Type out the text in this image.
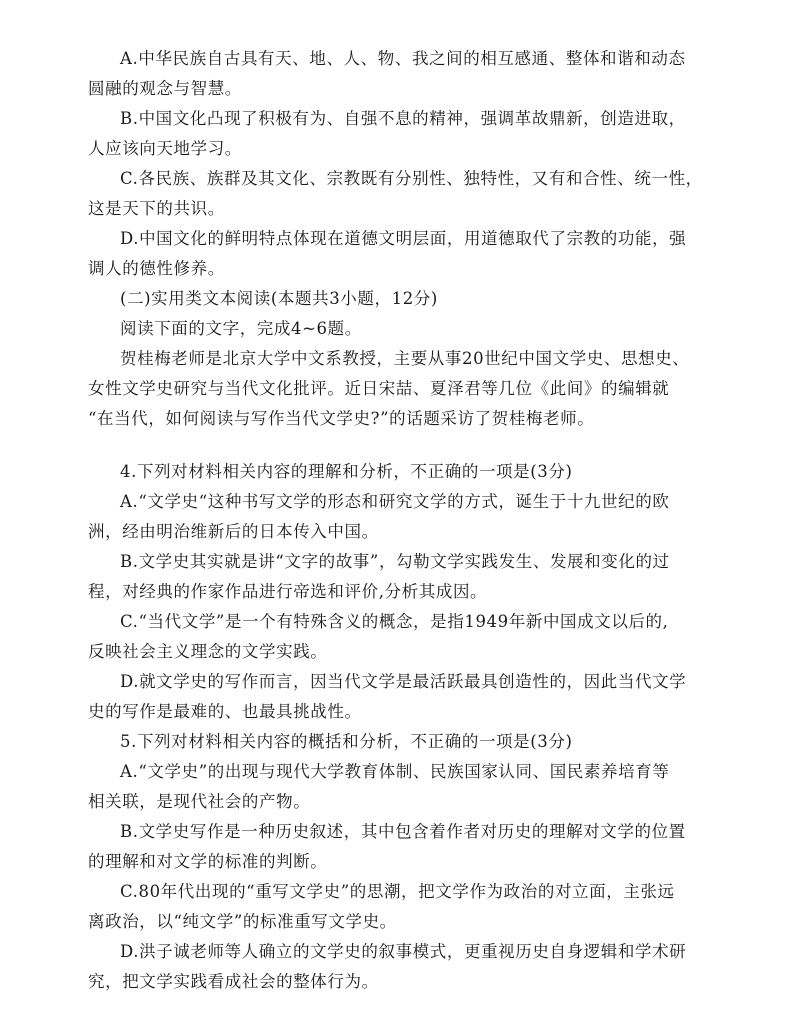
A.中华民族自古具有天、地、人、物、我之间的相互感通、整体和谐和动态
圆融的观念与智慧。
B.中国文化凸现了积极有为、自强不息的精神，强调革故鼎新，创造进取，
人应该向天地学习。
C.各民族、族群及其文化、宗教既有分别性、独特性，又有和合性、统一性，
这是天下的共识。
D.中国文化的鲜明特点体现在道德文明层面，用道德取代了宗教的功能，强
调人的德性修养。
(二)实用类文本阅读(本题共3小题，12分)
阅读下面的文字，完成4~6题。
贺桂梅老师是北京大学中文系教授，主要从事20世纪中国文学史、思想史、
女性文学史研究与当代文化批评。近日宋喆、夏泽君等几位《此间》的编辑就
“在当代，如何阅读与写作当代文学史?”的话题采访了贺桂梅老师。
4.下列对材料相关内容的理解和分析，不正确的一项是(3分)
A.“文学史“这种书写文学的形态和研究文学的方式，诞生于十九世纪的欧
洲，经由明治维新后的日本传入中国。
B.文学史其实就是讲“文字的故事”，勾勒文学实践发生、发展和变化的过
程，对经典的作家作品进行帝选和评价,分析其成因。
C.“当代文学”是一个有特殊含义的概念，是指1949年新中国成文以后的,
反映社会主义理念的文学实践。
D.就文学史的写作而言，因当代文学是最活跃最具创造性的，因此当代文学
史的写作是最难的、也最具挑战性。
5.下列对材料相关内容的概括和分析，不正确的一项是(3分)
A.“文学史”的出现与现代大学教育体制、民族国家认同、国民素养培育等
相关联，是现代社会的产物。
B.文学史写作是一种历史叙述，其中包含着作者对历史的理解对文学的位置
的理解和对文学的标准的判断。
C.80年代出现的“重写文学史”的思潮，把文学作为政治的对立面，主张远
离政治，以“纯文学”的标准重写文学史。
D.洪子诚老师等人确立的文学史的叙事模式，更重视历史自身逻辑和学术研
究，把文学实践看成社会的整体行为。
